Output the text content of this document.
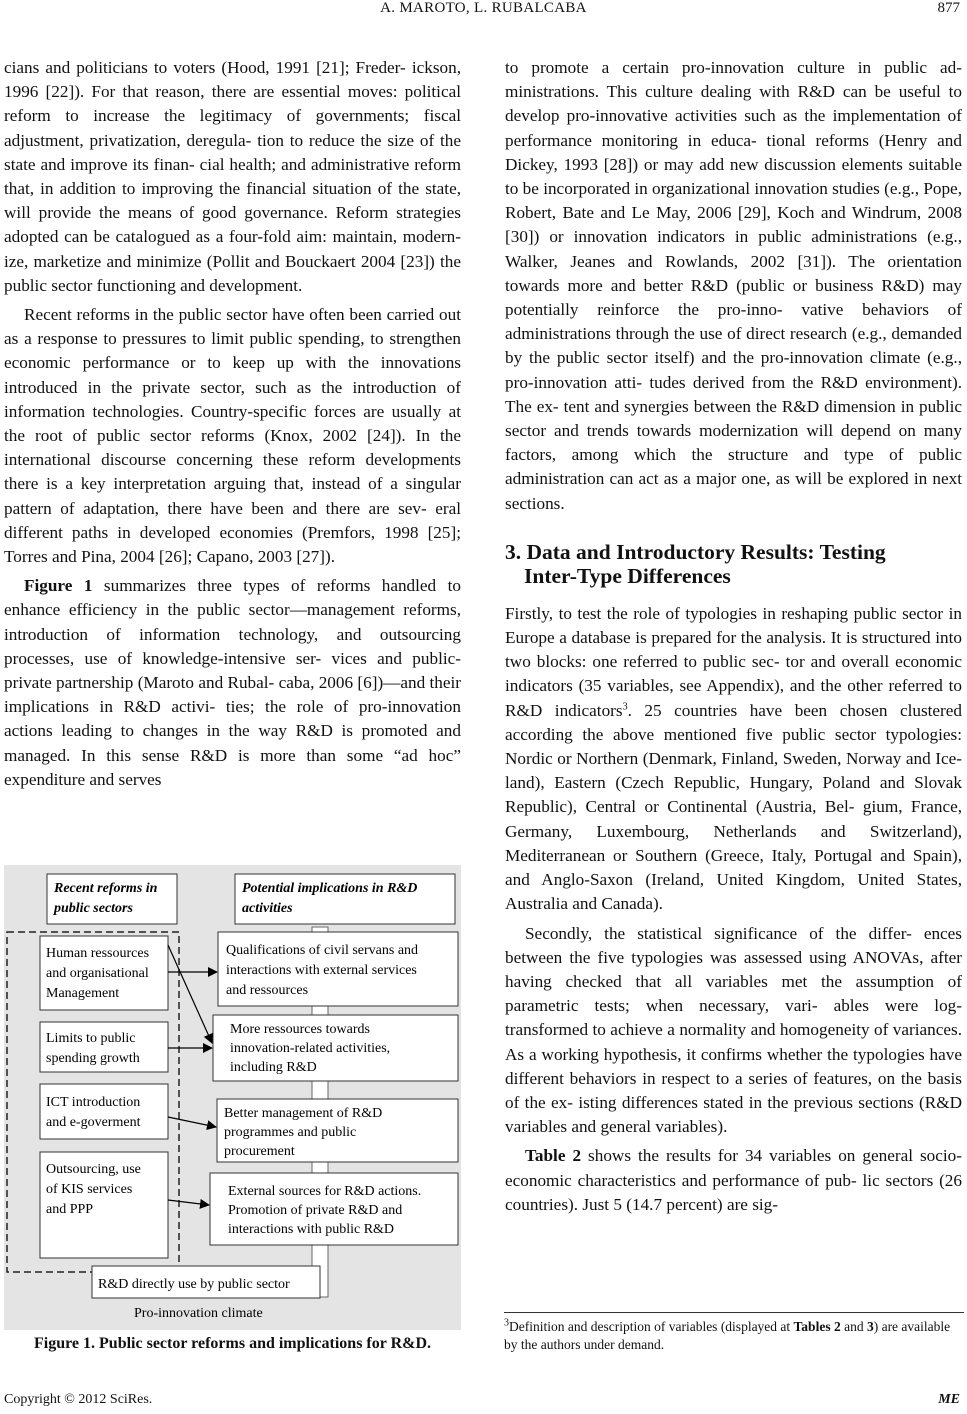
A. MAROTO, L. RUBALCABA	877

cians and politicians to voters (Hood, 1991 [21]; Freder- ickson, 1996 [22]). For that reason, there are essential moves: political reform to increase the legitimacy of governments; fiscal adjustment, privatization, deregula- tion to reduce the size of the state and improve its finan- cial health; and administrative reform that, in addition to improving the financial situation of the state, will provide the means of good governance. Reform strategies adopted can be catalogued as a four-fold aim: maintain, modern- ize, marketize and minimize (Pollit and Bouckaert 2004 [23]) the public sector functioning and development.

Recent reforms in the public sector have often been carried out as a response to pressures to limit public spending, to strengthen economic performance or to keep up with the innovations introduced in the private sector, such as the introduction of information technologies. Country-specific forces are usually at the root of public sector reforms (Knox, 2002 [24]). In the international discourse concerning these reform developments there is a key interpretation arguing that, instead of a singular pattern of adaptation, there have been and there are sev- eral different paths in developed economies (Premfors, 1998 [25]; Torres and Pina, 2004 [26]; Capano, 2003 [27]).

Figure 1 summarizes three types of reforms handled to enhance efficiency in the public sector—management reforms, introduction of information technology, and outsourcing processes, use of knowledge-intensive ser- vices and public-private partnership (Maroto and Rubal- caba, 2006 [6])—and their implications in R&D activi- ties; the role of pro-innovation actions leading to changes in the way R&D is promoted and managed. In this sense R&D is more than some “ad hoc” expenditure and serves

Recent reforms in
public sectors
Potential implications in R&D
activities
Human ressources
and organisational
Management
Limits to public
spending growth
ICT introduction
and e-goverment
Outsourcing, use
of KIS services
and PPP
Qualifications of civil servans and
interactions with external services
and ressources
More ressources towards
innovation-related activities,
including R&D
Better management of R&D
programmes and public
procurement
External sources for R&D actions.
Promotion of private R&D and
interactions with public R&D
R&D directly use by public sector
Pro-innovation climate
Figure 1. Public sector reforms and implications for R&D.

to promote a certain pro-innovation culture in public ad- ministrations. This culture dealing with R&D can be useful to develop pro-innovative activities such as the implementation of performance monitoring in educa- tional reforms (Henry and Dickey, 1993 [28]) or may add new discussion elements suitable to be incorporated in organizational innovation studies (e.g., Pope, Robert, Bate and Le May, 2006 [29], Koch and Windrum, 2008 [30]) or innovation indicators in public administrations (e.g., Walker, Jeanes and Rowlands, 2002 [31]). The orientation towards more and better R&D (public or business R&D) may potentially reinforce the pro-inno- vative behaviors of administrations through the use of direct research (e.g., demanded by the public sector itself) and the pro-innovation climate (e.g., pro-innovation atti- tudes derived from the R&D environment). The ex- tent and synergies between the R&D dimension in public sector and trends towards modernization will depend on many factors, among which the structure and type of public administration can act as a major one, as will be explored in next sections.

3. Data and Introductory Results: Testing
Inter-Type Differences

Firstly, to test the role of typologies in reshaping public sector in Europe a database is prepared for the analysis. It is structured into two blocks: one referred to public sec- tor and overall economic indicators (35 variables, see Appendix), and the other referred to R&D indicators$^3$. 25 countries have been chosen clustered according the above mentioned five public sector typologies: Nordic or Northern (Denmark, Finland, Sweden, Norway and Ice- land), Eastern (Czech Republic, Hungary, Poland and Slovak Republic), Central or Continental (Austria, Bel- gium, France, Germany, Luxembourg, Netherlands and Switzerland), Mediterranean or Southern (Greece, Italy, Portugal and Spain), and Anglo-Saxon (Ireland, United Kingdom, United States, Australia and Canada).

Secondly, the statistical significance of the differ- ences between the five typologies was assessed using ANOVAs, after having checked that all variables met the assumption of parametric tests; when necessary, vari- ables were log-transformed to achieve a normality and homogeneity of variances. As a working hypothesis, it confirms whether the typologies have different behaviors in respect to a series of features, on the basis of the ex- isting differences stated in the previous sections (R&D variables and general variables).

Table 2 shows the results for 34 variables on general socio-economic characteristics and performance of pub- lic sectors (26 countries). Just 5 (14.7 percent) are sig-

$^3$Definition and description of variables (displayed at Tables 2 and 3) are available by the authors under demand.
Copyright © 2012 SciRes.	ME
